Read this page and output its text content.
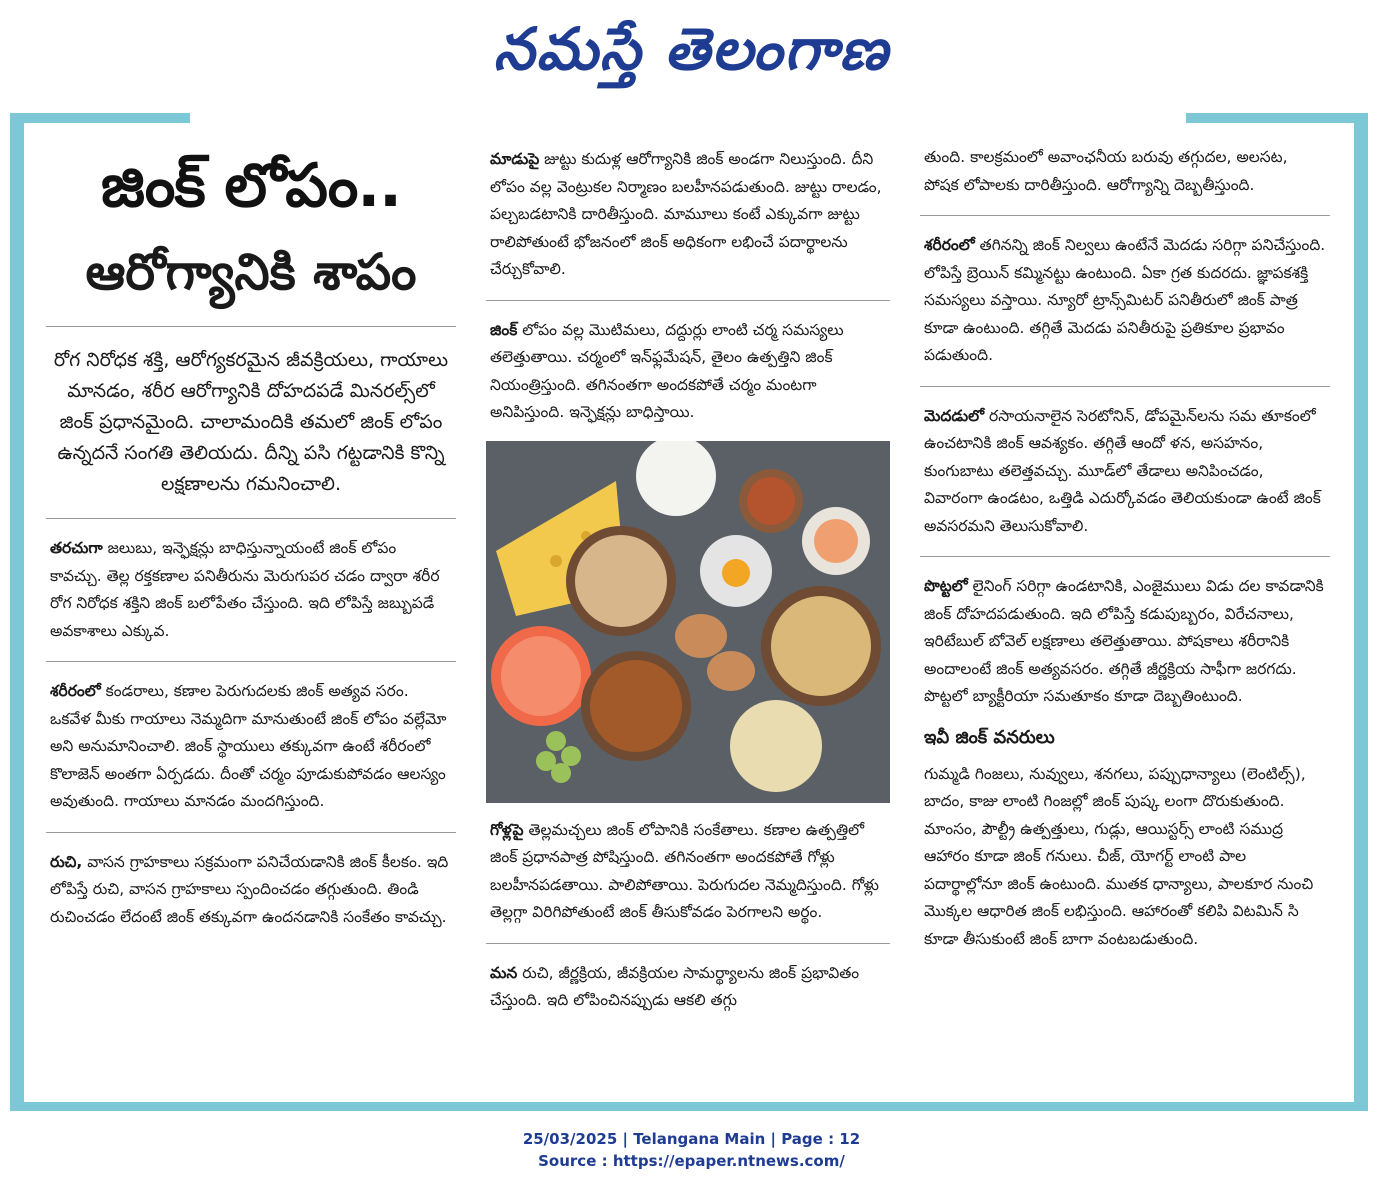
నమస్తే తెలంగాణ
జింక్ లోపం..
ఆరోగ్యానికి శాపం
రోగ నిరోధక శక్తి, ఆరోగ్యకరమైన జీవక్రియలు, గాయాలు మానడం, శరీర ఆరోగ్యానికి దోహదపడే మినరల్స్‌లో జింక్ ప్రధానమైంది. చాలామందికి తమలో జింక్ లోపం ఉన్నదనే సంగతి తెలియదు. దీన్ని పసి గట్టడానికి కొన్ని లక్షణాలను గమనించాలి.
తరచుగా జలుబు, ఇన్ఫెక్షన్లు బాధిస్తున్నాయంటే జింక్ లోపం కావచ్చు. తెల్ల రక్తకణాల పనితీరును మెరుగుపర చడం ద్వారా శరీర రోగ నిరోధక శక్తిని జింక్ బలోపేతం చేస్తుంది. ఇది లోపిస్తే జబ్బుపడే అవకాశాలు ఎక్కువ.
శరీరంలో కండరాలు, కణాల పెరుగుదలకు జింక్ అత్యవ సరం. ఒకవేళ మీకు గాయాలు నెమ్మదిగా మానుతుంటే జింక్ లోపం వల్లేమో అని అనుమానించాలి. జింక్ స్థాయులు తక్కువగా ఉంటే శరీరంలో కొలాజెన్ అంతగా ఏర్పడదు. దీంతో చర్మం పూడుకుపోవడం ఆలస్యం అవుతుంది. గాయాలు మానడం మందగిస్తుంది.
రుచి, వాసన గ్రాహకాలు సక్రమంగా పనిచేయడానికి జింక్ కీలకం. ఇది లోపిస్తే రుచి, వాసన గ్రాహకాలు స్పందించడం తగ్గుతుంది. తిండి రుచించడం లేదంటే జింక్ తక్కువగా ఉందనడానికి సంకేతం కావచ్చు.
మాడుపై జుట్టు కుదుళ్ల ఆరోగ్యానికి జింక్ అండగా నిలుస్తుంది. దీని లోపం వల్ల వెంట్రుకల నిర్మాణం బలహీనపడుతుంది. జుట్టు రాలడం, పల్చబడటానికి దారితీస్తుంది. మామూలు కంటే ఎక్కువగా జుట్టు రాలిపోతుంటే భోజనంలో జింక్ అధికంగా లభించే పదార్థాలను చేర్చుకోవాలి.
జింక్ లోపం వల్ల మొటిమలు, దద్దుర్లు లాంటి చర్మ సమస్యలు తలెత్తుతాయి. చర్మంలో ఇన్‌ఫ్లమేషన్, తైలం ఉత్పత్తిని జింక్ నియంత్రిస్తుంది. తగినంతగా అందకపోతే చర్మం మంటగా అనిపిస్తుంది. ఇన్ఫెక్షన్లు బాధిస్తాయి.
గోళ్లపై తెల్లమచ్చలు జింక్ లోపానికి సంకేతాలు. కణాల ఉత్పత్తిలో జింక్ ప్రధానపాత్ర పోషిస్తుంది. తగినంతగా అందకపోతే గోళ్లు బలహీనపడతాయి. పాలిపోతాయి. పెరుగుదల నెమ్మదిస్తుంది. గోళ్లు తెల్లగ్గా విరిగిపోతుంటే జింక్ తీసుకోవడం పెరగాలని అర్థం.
మన రుచి, జీర్ణక్రియ, జీవక్రియల సామర్థ్యాలను జింక్ ప్రభావితం చేస్తుంది. ఇది లోపించినప్పుడు ఆకలి తగ్గు
తుంది. కాలక్రమంలో అవాంఛనీయ బరువు తగ్గుదల, అలసట, పోషక లోపాలకు దారితీస్తుంది. ఆరోగ్యాన్ని దెబ్బతీస్తుంది.
శరీరంలో తగినన్ని జింక్ నిల్వలు ఉంటేనే మెదడు సరిగ్గా పనిచేస్తుంది. లోపిస్తే బ్రెయిన్ కమ్మినట్టు ఉంటుంది. ఏకా గ్రత కుదరదు. జ్ఞాపకశక్తి సమస్యలు వస్తాయి. న్యూరో ట్రాన్స్‌మిటర్ పనితీరులో జింక్ పాత్ర కూడా ఉంటుంది. తగ్గితే మెదడు పనితీరుపై ప్రతికూల ప్రభావం పడుతుంది.
మెదడులో రసాయనాలైన సెరటోనిన్, డోపమైన్‌లను సమ తూకంలో ఉంచటానికి జింక్ ఆవశ్యకం. తగ్గితే ఆందో ళన, అసహనం, కుంగుబాటు తలెత్తవచ్చు. మూడ్‌లో తేడాలు అనిపించడం, వివారంగా ఉండటం, ఒత్తిడి ఎదుర్కోవడం తెలియకుండా ఉంటే జింక్ అవసరమని తెలుసుకోవాలి.
పొట్టలో లైనింగ్ సరిగ్గా ఉండటానికి, ఎంజైములు విడు దల కావడానికి జింక్ దోహదపడుతుంది. ఇది లోపిస్తే కడుపుబ్బరం, విరేచనాలు, ఇరిటేబుల్ బోవెల్ లక్షణాలు తలెత్తుతాయి. పోషకాలు శరీరానికి అందాలంటే జింక్ అత్యవసరం. తగ్గితే జీర్ణక్రియ సాఫీగా జరగదు. పొట్టలో బ్యాక్టీరియా సమతూకం కూడా దెబ్బతింటుంది.
ఇవీ జింక్ వనరులు
గుమ్మడి గింజలు, నువ్వులు, శనగలు, పప్పుధాన్యాలు (లెంటిల్స్), బాదం, కాజు లాంటి గింజల్లో జింక్ పుష్క లంగా దొరుకుతుంది. మాంసం, పౌల్ట్రీ ఉత్పత్తులు, గుడ్లు, ఆయిస్టర్స్ లాంటి సముద్ర ఆహారం కూడా జింక్ గనులు. చీజ్, యోగర్ట్ లాంటి పాల పదార్థాల్లోనూ జింక్ ఉంటుంది. ముతక ధాన్యాలు, పాలకూర నుంచి మొక్కల ఆధారిత జింక్ లభిస్తుంది. ఆహారంతో కలిపి విటమిన్ సి కూడా తీసుకుంటే జింక్ బాగా వంటబడుతుంది.
25/03/2025 | Telangana Main | Page : 12
Source : https://epaper.ntnews.com/
